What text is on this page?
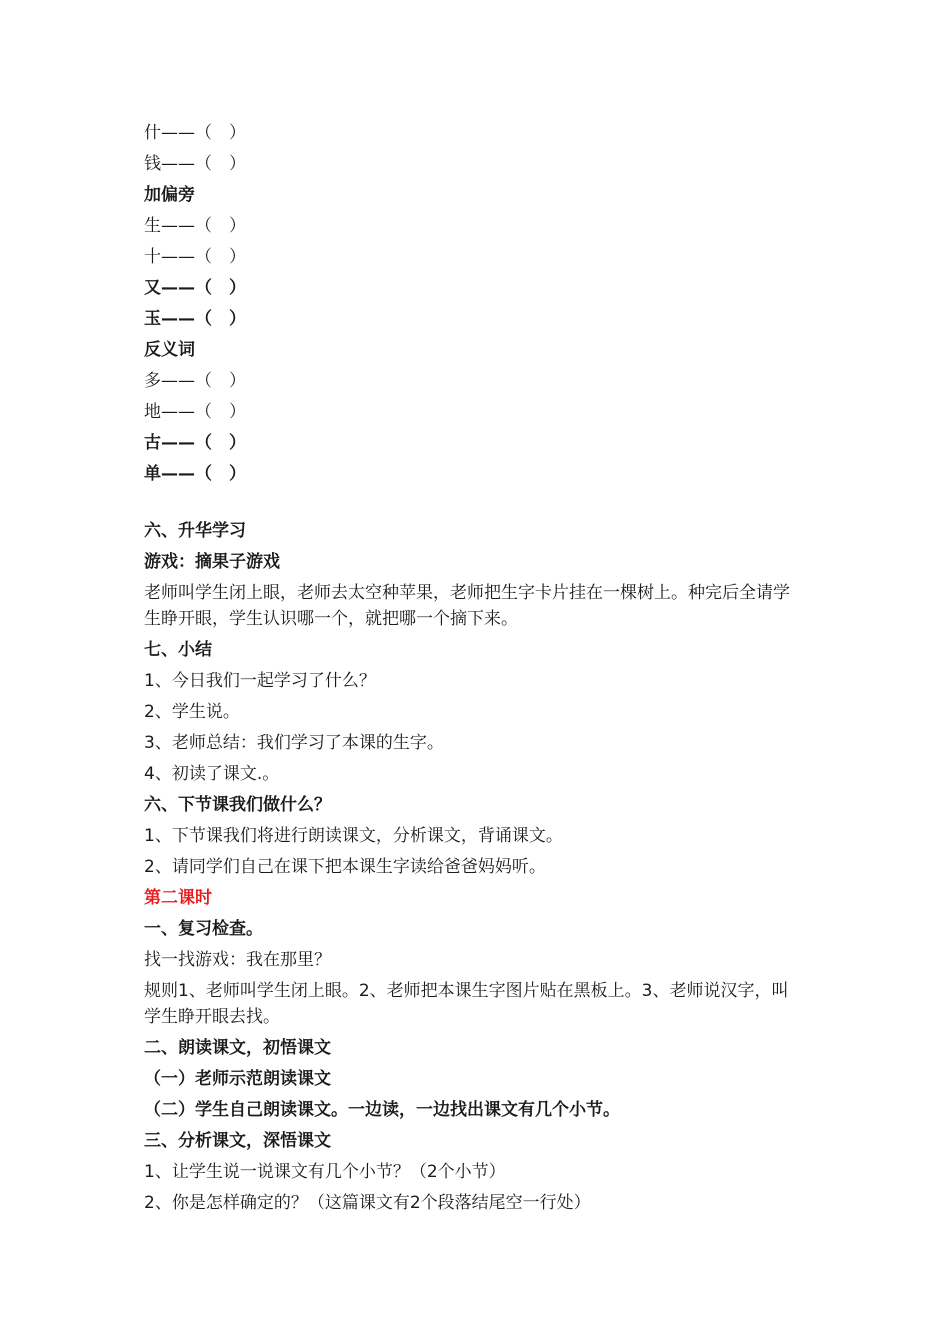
什——（　）

钱——（　）

加偏旁

生——（　）

十——（　）

又——（　）

玉——（　）

反义词

多——（　）

地——（　）

古——（　）

单——（　）

六、升华学习

游戏：摘果子游戏

老师叫学生闭上眼，老师去太空种苹果，老师把生字卡片挂在一棵树上。种完后全请学生睁开眼，学生认识哪一个，就把哪一个摘下来。

七、小结

1、今日我们一起学习了什么？

2、学生说。

3、老师总结：我们学习了本课的生字。

4、初读了课文.。

六、下节课我们做什么？

1、下节课我们将进行朗读课文，分析课文，背诵课文。

2、请同学们自己在课下把本课生字读给爸爸妈妈听。

第二课时

一、复习检查。

找一找游戏：我在那里？

规则1、老师叫学生闭上眼。2、老师把本课生字图片贴在黑板上。3、老师说汉字，叫学生睁开眼去找。

二、朗读课文，初悟课文

（一）老师示范朗读课文

（二）学生自己朗读课文。一边读，一边找出课文有几个小节。

三、分析课文，深悟课文

1、让学生说一说课文有几个小节？（2个小节）

2、你是怎样确定的？（这篇课文有2个段落结尾空一行处）
